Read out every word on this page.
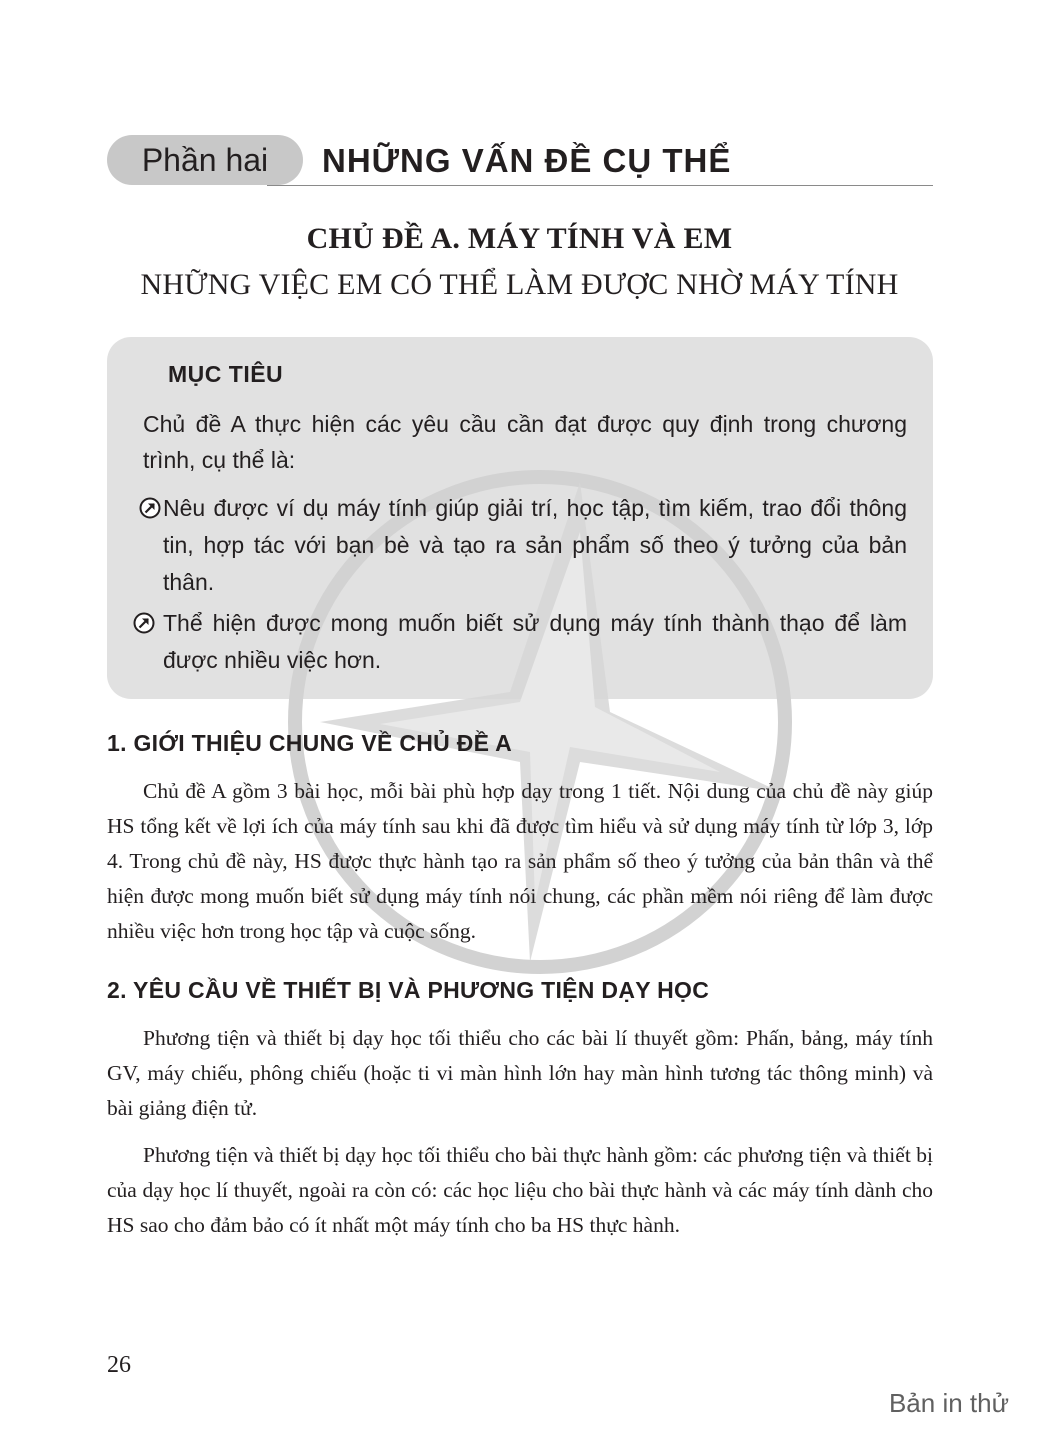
Phần hai	NHỮNG VẤN ĐỀ CỤ THỂ
CHỦ ĐỀ A. MÁY TÍNH VÀ EM
NHỮNG VIỆC EM CÓ THỂ LÀM ĐƯỢC NHỜ MÁY TÍNH
MỤC TIÊU
Chủ đề A thực hiện các yêu cầu cần đạt được quy định trong chương trình, cụ thể là:
Nêu được ví dụ máy tính giúp giải trí, học tập, tìm kiếm, trao đổi thông tin, hợp tác với bạn bè và tạo ra sản phẩm số theo ý tưởng của bản thân.
Thể hiện được mong muốn biết sử dụng máy tính thành thạo để làm được nhiều việc hơn.
1. GIỚI THIỆU CHUNG VỀ CHỦ ĐỀ A
Chủ đề A gồm 3 bài học, mỗi bài phù hợp dạy trong 1 tiết. Nội dung của chủ đề này giúp HS tổng kết về lợi ích của máy tính sau khi đã được tìm hiểu và sử dụng máy tính từ lớp 3, lớp 4. Trong chủ đề này, HS được thực hành tạo ra sản phẩm số theo ý tưởng của bản thân và thể hiện được mong muốn biết sử dụng máy tính nói chung, các phần mềm nói riêng để làm được nhiều việc hơn trong học tập và cuộc sống.
2. YÊU CẦU VỀ THIẾT BỊ VÀ PHƯƠNG TIỆN DẠY HỌC
Phương tiện và thiết bị dạy học tối thiểu cho các bài lí thuyết gồm: Phấn, bảng, máy tính GV, máy chiếu, phông chiếu (hoặc ti vi màn hình lớn hay màn hình tương tác thông minh) và bài giảng điện tử.
Phương tiện và thiết bị dạy học tối thiểu cho bài thực hành gồm: các phương tiện và thiết bị của dạy học lí thuyết, ngoài ra còn có: các học liệu cho bài thực hành và các máy tính dành cho HS sao cho đảm bảo có ít nhất một máy tính cho ba HS thực hành.
26
Bản in thử
